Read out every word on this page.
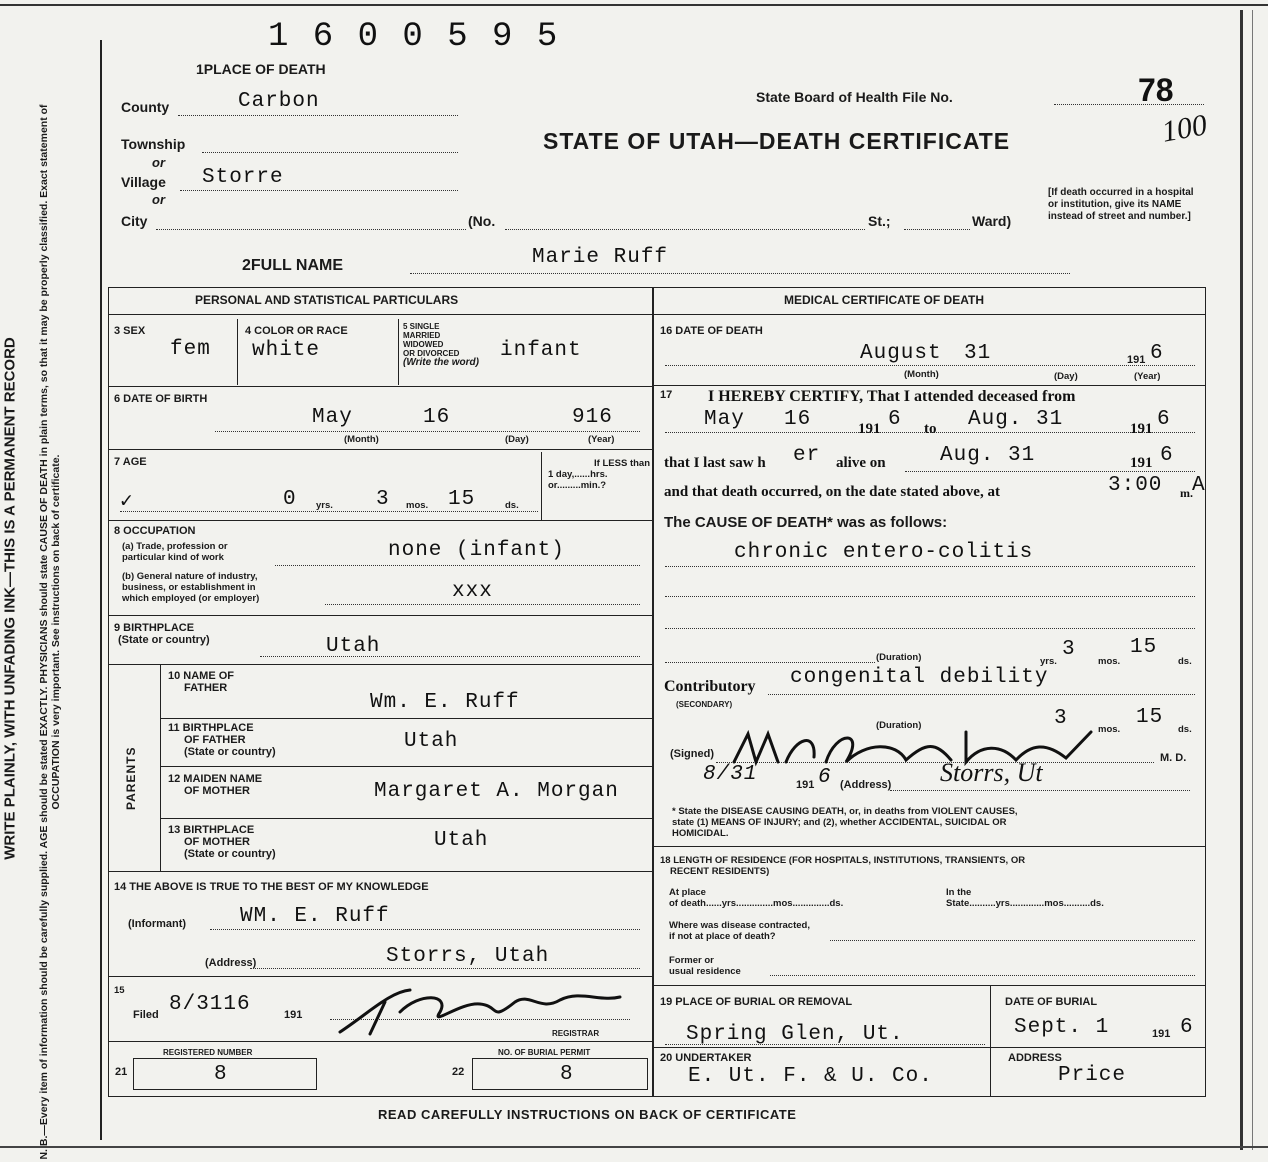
1 6 0 0 5 9 5
N. B.—Every item of information should be carefully supplied. AGE should be stated EXACTLY. PHYSICIANS should state CAUSE OF DEATH in plain terms, so that it may be properly classified. Exact statement of OCCUPATION is very important. See instructions on back of certificate.
WRITE PLAINLY, WITH UNFADING INK—THIS IS A PERMANENT RECORD
1PLACE OF DEATH
County	Carbon
Township
or
Village Storre
or
City	(No.	St.;	Ward)
[If death occurred in a hospital or institution, give its NAME instead of street and number.]
State Board of Health File No.	78
100
STATE OF UTAH—DEATH CERTIFICATE
2FULL NAME	Marie Ruff
PERSONAL AND STATISTICAL PARTICULARS
3 SEX
fem
4 COLOR OR RACE
white
5 SINGLE
MARRIED
WIDOWED
OR DIVORCED
(Write the word)
infant
6 DATE OF BIRTH
May	16	916
(Month)	(Day)	(Year)
7 AGE
✓	0 yrs. 3 mos. 15	ds.
If LESS than
1 day,......hrs.
or.........min.?
8 OCCUPATION
(a) Trade, profession or
particular kind of work	none (infant)
(b) General nature of industry,
business, or establishment in
which employed (or employer)	xxx
9 BIRTHPLACE
(State or country)	Utah
PARENTS
10 NAME OF
FATHER
Wm. E. Ruff
11 BIRTHPLACE
OF FATHER
(State or country)	Utah
12 MAIDEN NAME
OF MOTHER	Margaret A. Morgan
13 BIRTHPLACE
OF MOTHER
(State or country)
Utah
14 THE ABOVE IS TRUE TO THE BEST OF MY KNOWLEDGE
(Informant)	WM. E. Ruff
(Address)	Storrs, Utah
15
Filed 8/3116	191
REGISTRAR
REGISTERED NUMBER
21	8
NO. OF BURIAL PERMIT
22	8
MEDICAL CERTIFICATE OF DEATH
16 DATE OF DEATH
August 31	191 6
(Month)	(Day)	(Year)
17 I HEREBY CERTIFY, That I attended deceased from
May 16	191 6 to Aug. 31	191 6
that I last saw h er alive on	Aug. 31	191 6
and that death occurred, on the date stated above, at	3:00 m. A
The CAUSE OF DEATH* was as follows:
chronic entero-colitis
(Duration)	yrs.
3
mos.
15
ds.
Contributory
(SECONDARY)
congenital debility
(Duration)	3	mos.
15
ds.
(Signed)	M. D.
8/31	191 6 (Address) Storrs, Ut
* State the DISEASE CAUSING DEATH, or, in deaths from VIOLENT CAUSES,
state (1) MEANS OF INJURY; and (2), whether ACCIDENTAL, SUICIDAL OR
HOMICIDAL.
18 LENGTH OF RESIDENCE (FOR HOSPITALS, INSTITUTIONS, TRANSIENTS, OR
RECENT RESIDENTS)
At place
of death......yrs..............mos..............ds.
In the
State..........yrs.............mos..........ds.
Where was disease contracted,
if not at place of death?
Former or
usual residence
19 PLACE OF BURIAL OR REMOVAL
Spring Glen, Ut.
DATE OF BURIAL
Sept. 1	191 6
20 UNDERTAKER
E. Ut. F. & U. Co.
ADDRESS
Price
READ CAREFULLY INSTRUCTIONS ON BACK OF CERTIFICATE
